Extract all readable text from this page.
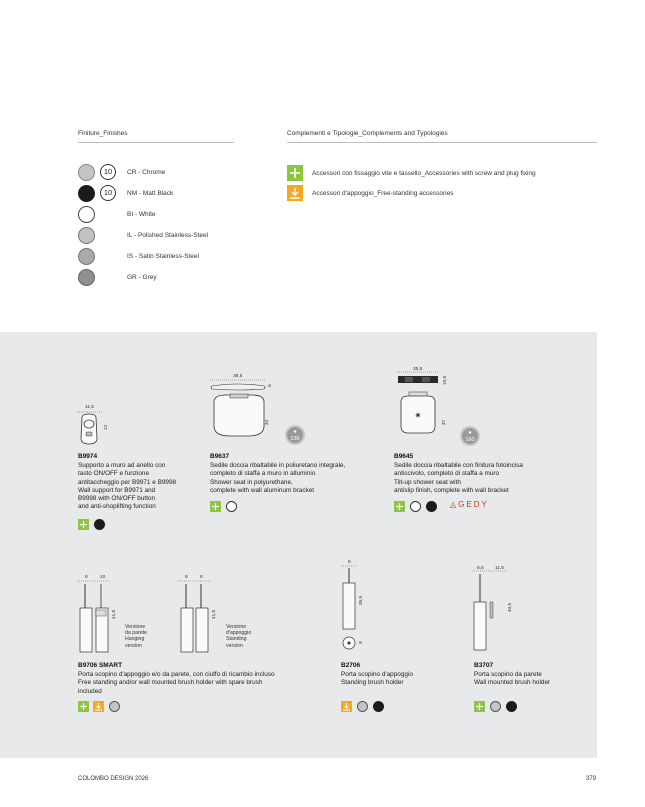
Finiture_Finishes
10	CR - Chrome
10	NM - Matt Black
BI - White
IL - Polished Stainless-Steel
IS - Satin Stainless-Steel
GR - Grey
Complementi e Tipologie_Complements and Typologies
Accessori con fissaggio vite e tassello_Accessories with screw and plug fixing
Accessori d'appoggio_Free-standing accessories
11,5
12
B9974
Supporto a muro ad anello con
tasto ON/OFF e funzione
antitaccheggio per B9971 e B9998
Wall support for B9971 and
B9998 with ON/OFF button
and anti-shoplifting function
39,5
6
34
●
130
B9637
Sedile doccia ribaltabile in poliuretano integrale,
completo di staffa a muro in alluminio
Shower seat in polyurethane,
complete with wall aluminum bracket
35,5
✷
10,5
37
●
160
B9645
Sedile doccia ribaltabile con finitura fotoincisa
antiscivolo, completo di staffa a muro
Tilt-up shower seat with
antislip finish, complete with wall bracket
◬GEDY
8	10
41,5
Versione
da parete
Hanging
version
8	8
41,5
Versione
d'appoggio
Standing
version
B9706 SMART
Porta scopino d'appoggio e/o da parete, con ciuffo di ricambio incluso
Free standing and/or wall mounted brush holder with spare brush
included
8
35,5
8
B2706
Porta scopino d'appoggio
Standing brush holder
8,5 11,5
40,5
B3707
Porta scopino da parete
Wall mounted brush holder
COLOMBO DESIGN 2026	379
